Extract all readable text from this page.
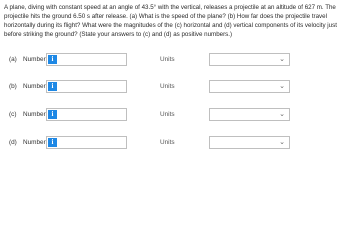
A plane, diving with constant speed at an angle of 43.5° with the vertical, releases a projectile at an altitude of 627 m. The projectile hits the ground 6.50 s after release. (a) What is the speed of the plane? (b) How far does the projectile travel horizontally during its flight? What were the magnitudes of the (c) horizontal and (d) vertical components of its velocity just before striking the ground? (State your answers to (c) and (d) as positive numbers.)
(a) Number i	Units	⌄
(b) Number i	Units	⌄
(c) Number i	Units	⌄
(d) Number i	Units	⌄
